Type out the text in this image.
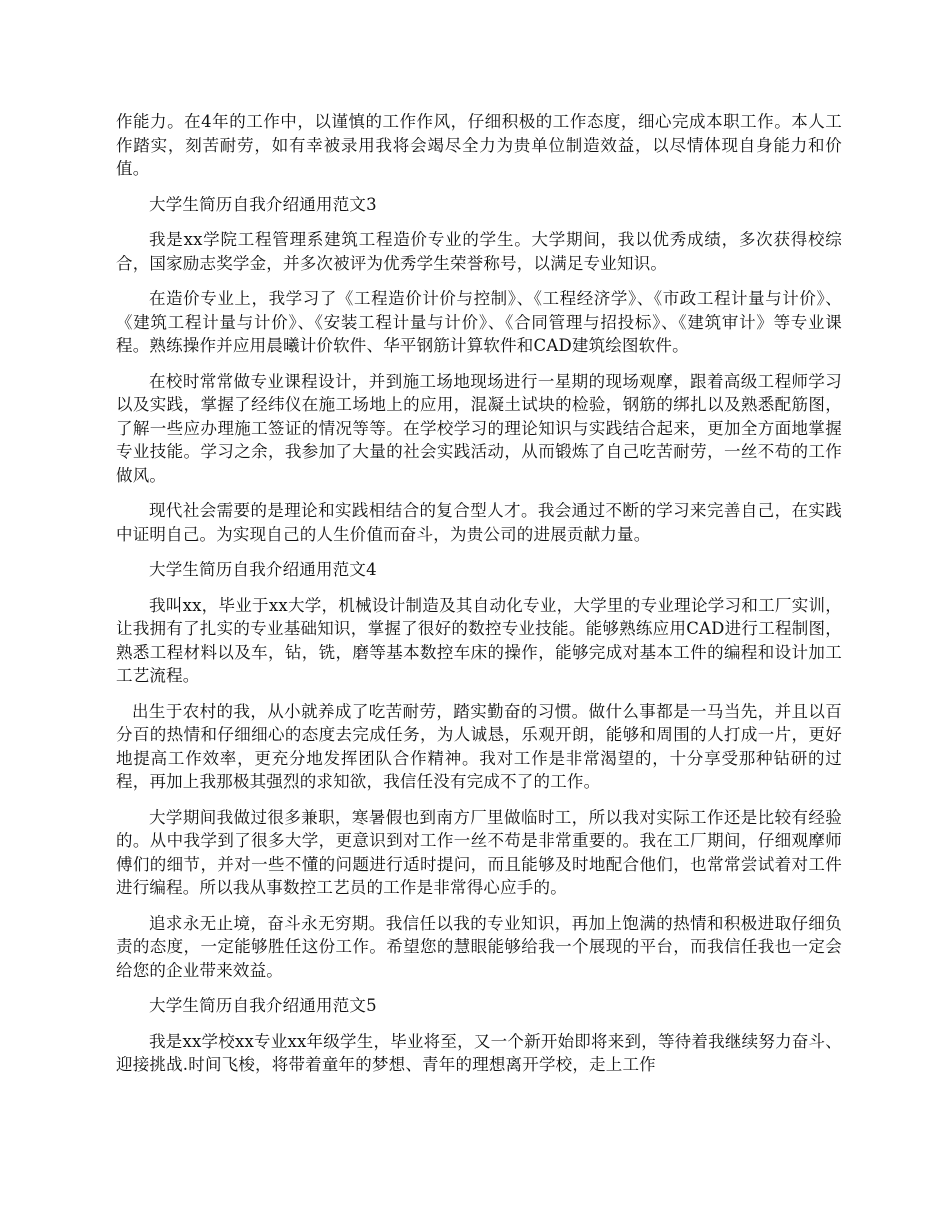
作能力。在4年的工作中，以谨慎的工作作风，仔细积极的工作态度，细心完成本职工作。本人工作踏实，刻苦耐劳，如有幸被录用我将会竭尽全力为贵单位制造效益，以尽情体现自身能力和价值。

大学生简历自我介绍通用范文3

我是xx学院工程管理系建筑工程造价专业的学生。大学期间，我以优秀成绩，多次获得校综合，国家励志奖学金，并多次被评为优秀学生荣誉称号，以满足专业知识。

在造价专业上，我学习了《工程造价计价与控制》、《工程经济学》、《市政工程计量与计价》、《建筑工程计量与计价》、《安装工程计量与计价》、《合同管理与招投标》、《建筑审计》等专业课程。熟练操作并应用晨曦计价软件、华平钢筋计算软件和CAD建筑绘图软件。

在校时常常做专业课程设计，并到施工场地现场进行一星期的现场观摩，跟着高级工程师学习以及实践，掌握了经纬仪在施工场地上的应用，混凝土试块的检验，钢筋的绑扎以及熟悉配筋图，了解一些应办理施工签证的情况等等。在学校学习的理论知识与实践结合起来，更加全方面地掌握专业技能。学习之余，我参加了大量的社会实践活动，从而锻炼了自己吃苦耐劳，一丝不苟的工作做风。

现代社会需要的是理论和实践相结合的复合型人才。我会通过不断的学习来完善自己，在实践中证明自己。为实现自己的人生价值而奋斗，为贵公司的进展贡献力量。

大学生简历自我介绍通用范文4

我叫xx，毕业于xx大学，机械设计制造及其自动化专业，大学里的专业理论学习和工厂实训，让我拥有了扎实的专业基础知识，掌握了很好的数控专业技能。能够熟练应用CAD进行工程制图，熟悉工程材料以及车，钻，铣，磨等基本数控车床的操作，能够完成对基本工件的编程和设计加工工艺流程。

出生于农村的我，从小就养成了吃苦耐劳，踏实勤奋的习惯。做什么事都是一马当先，并且以百分百的热情和仔细细心的态度去完成任务，为人诚恳，乐观开朗，能够和周围的人打成一片，更好地提高工作效率，更充分地发挥团队合作精神。我对工作是非常渴望的，十分享受那种钻研的过程，再加上我那极其强烈的求知欲，我信任没有完成不了的工作。

大学期间我做过很多兼职，寒暑假也到南方厂里做临时工，所以我对实际工作还是比较有经验的。从中我学到了很多大学，更意识到对工作一丝不苟是非常重要的。我在工厂期间，仔细观摩师傅们的细节，并对一些不懂的问题进行适时提问，而且能够及时地配合他们，也常常尝试着对工件进行编程。所以我从事数控工艺员的工作是非常得心应手的。

追求永无止境，奋斗永无穷期。我信任以我的专业知识，再加上饱满的热情和积极进取仔细负责的态度，一定能够胜任这份工作。希望您的慧眼能够给我一个展现的平台，而我信任我也一定会给您的企业带来效益。

大学生简历自我介绍通用范文5

我是xx学校xx专业xx年级学生，毕业将至，又一个新开始即将来到，等待着我继续努力奋斗、迎接挑战.时间飞梭，将带着童年的梦想、青年的理想离开学校，走上工作
